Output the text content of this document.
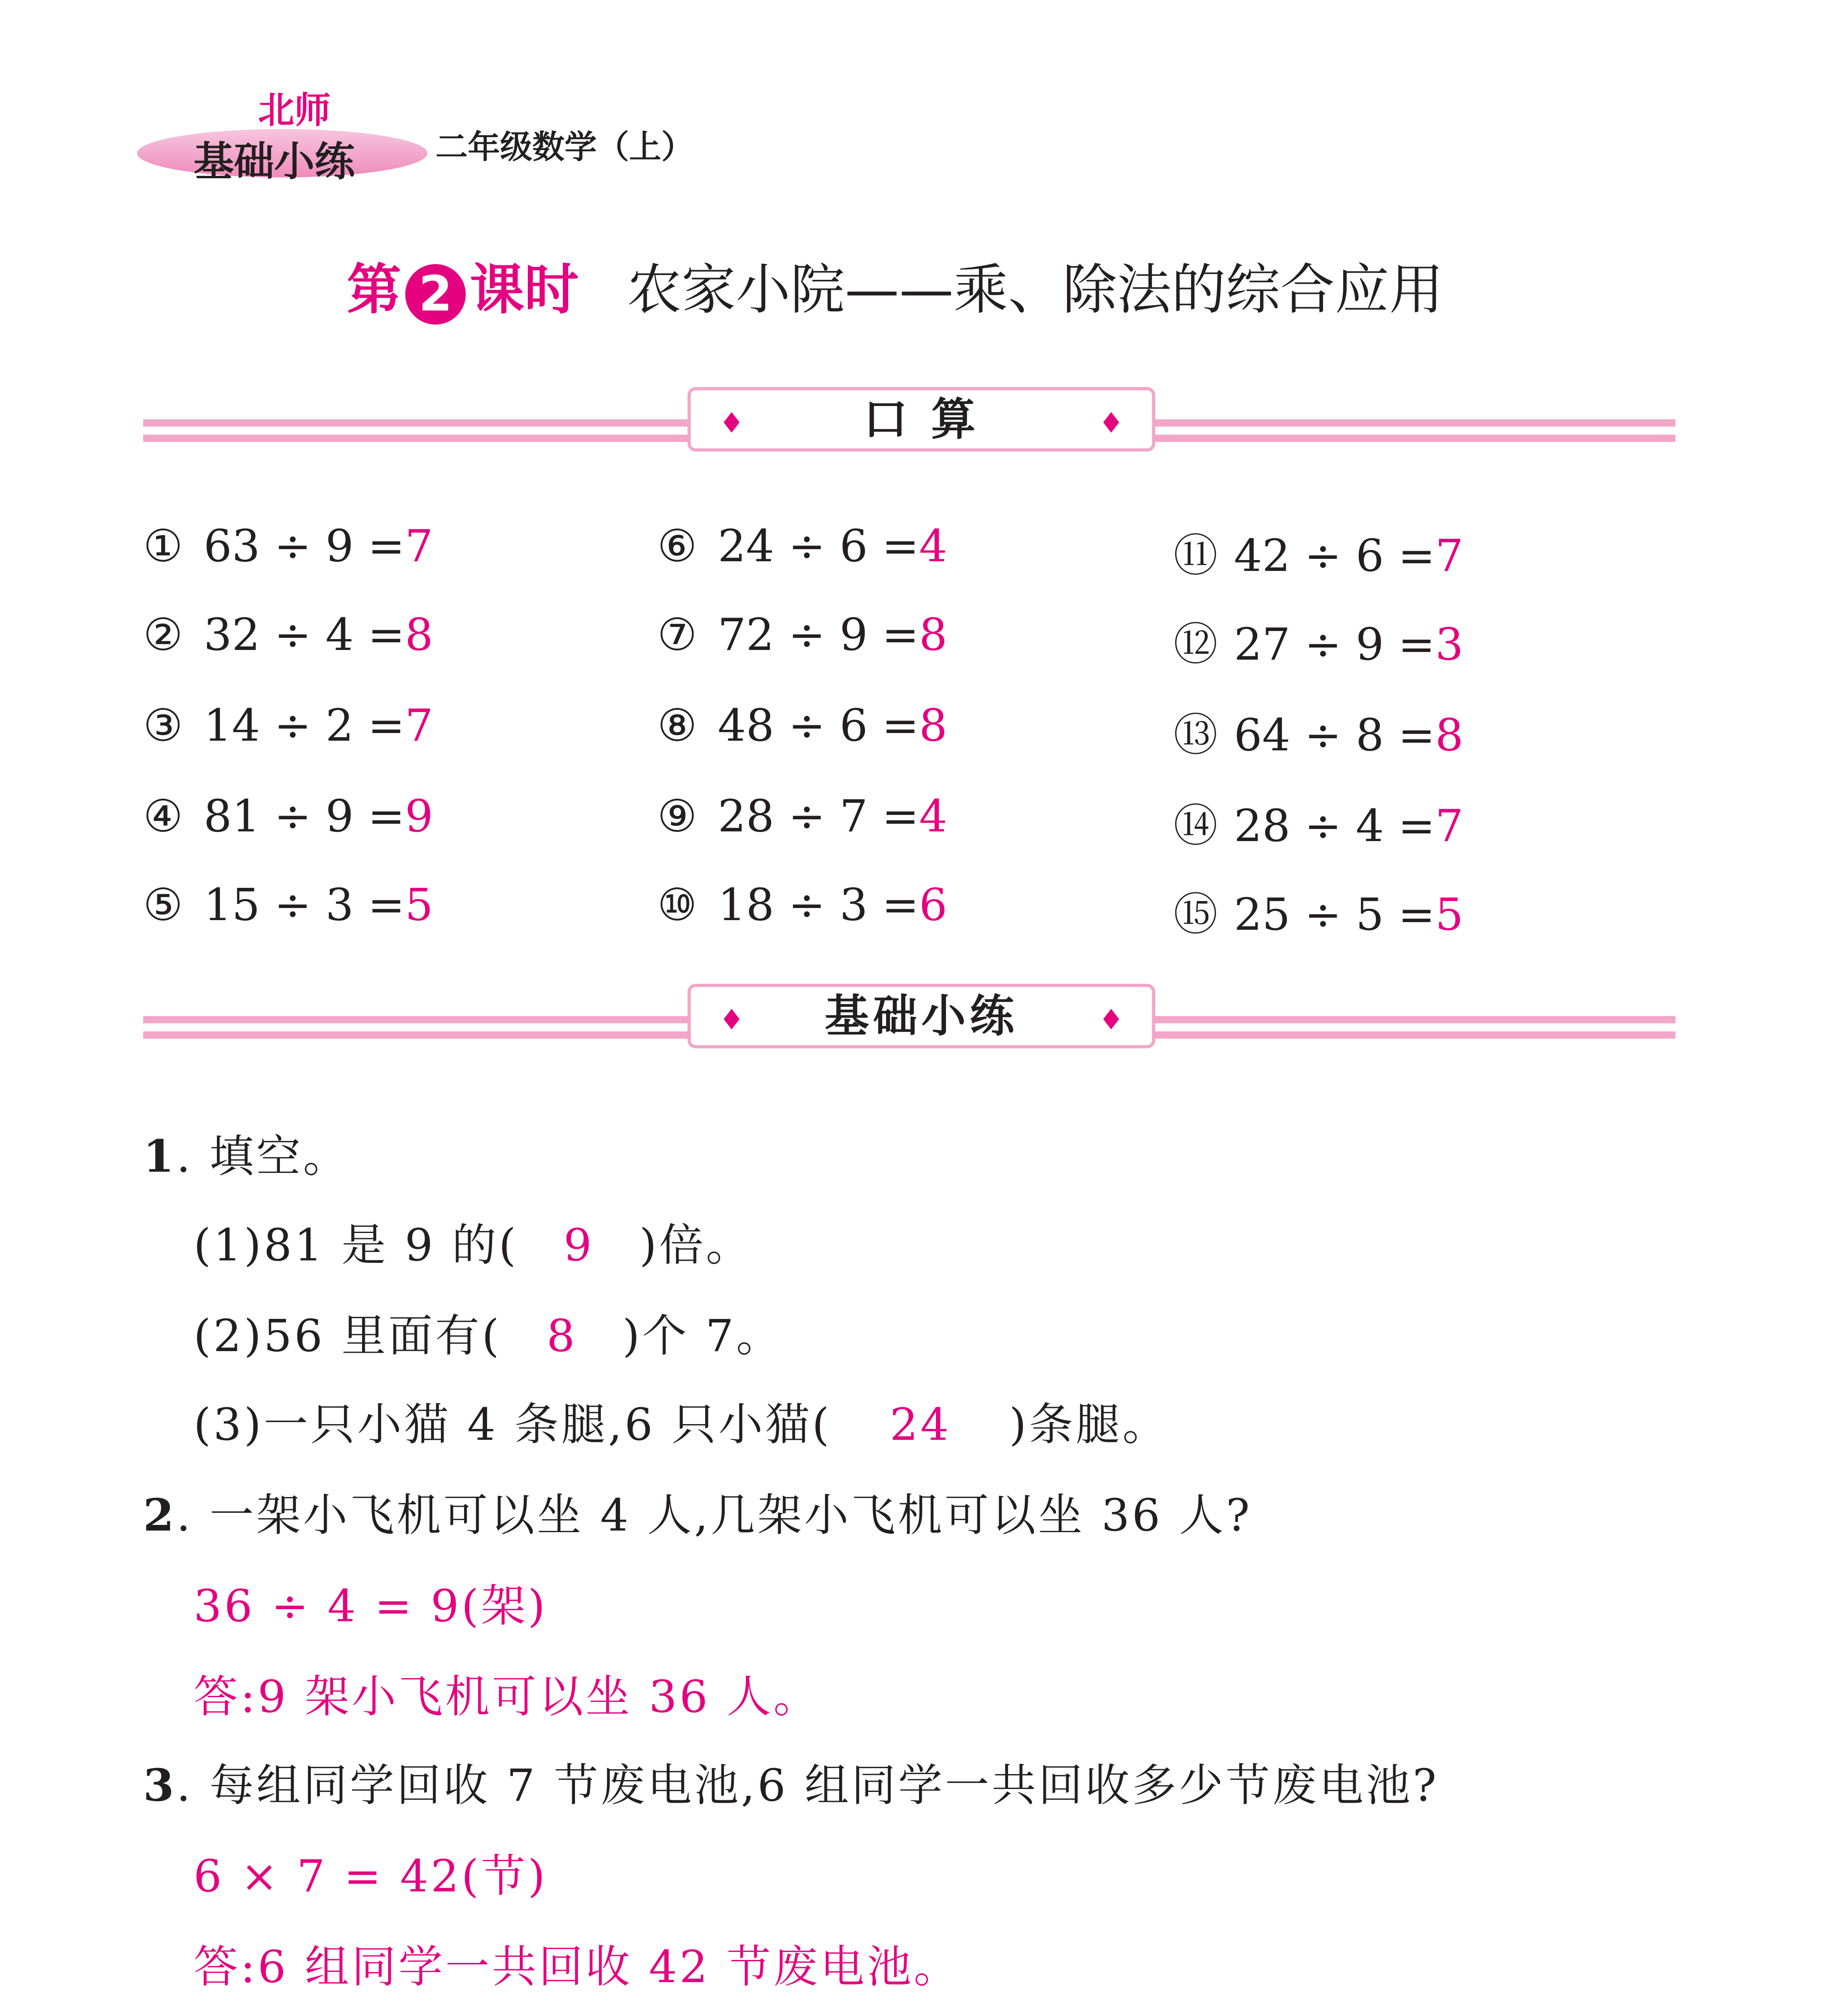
北师
基础小练	二年级数学（上）
第 2 课时 农家小院——乘、除法的综合应用
♦	口 算	♦
① 63 ÷ 9 =7
② 32 ÷ 4 =8
③ 14 ÷ 2 =7
④ 81 ÷ 9 =9
⑤ 15 ÷ 3 =5
⑥ 24 ÷ 6 =4
⑦ 72 ÷ 9 =8
⑧ 48 ÷ 6 =8
⑨ 28 ÷ 7 =4
⑩ 18 ÷ 3 =6
⑪ 42 ÷ 6 =7
⑫ 27 ÷ 9 =3
⑬ 64 ÷ 8 =8
⑭ 28 ÷ 4 =7
⑮ 25 ÷ 5 =5
♦ 基础小练	♦
1. 填空。
(1)81 是 9 的( 9 )倍。
(2)56 里面有( 8 )个 7。
(3)一只小猫 4 条腿,6 只小猫( 24 )条腿。
2. 一架小飞机可以坐 4 人,几架小飞机可以坐 36 人?
36 ÷ 4 = 9(架)
答:9 架小飞机可以坐 36 人。
3. 每组同学回收 7 节废电池,6 组同学一共回收多少节废电池?
6 × 7 = 42(节)
答:6 组同学一共回收 42 节废电池。
